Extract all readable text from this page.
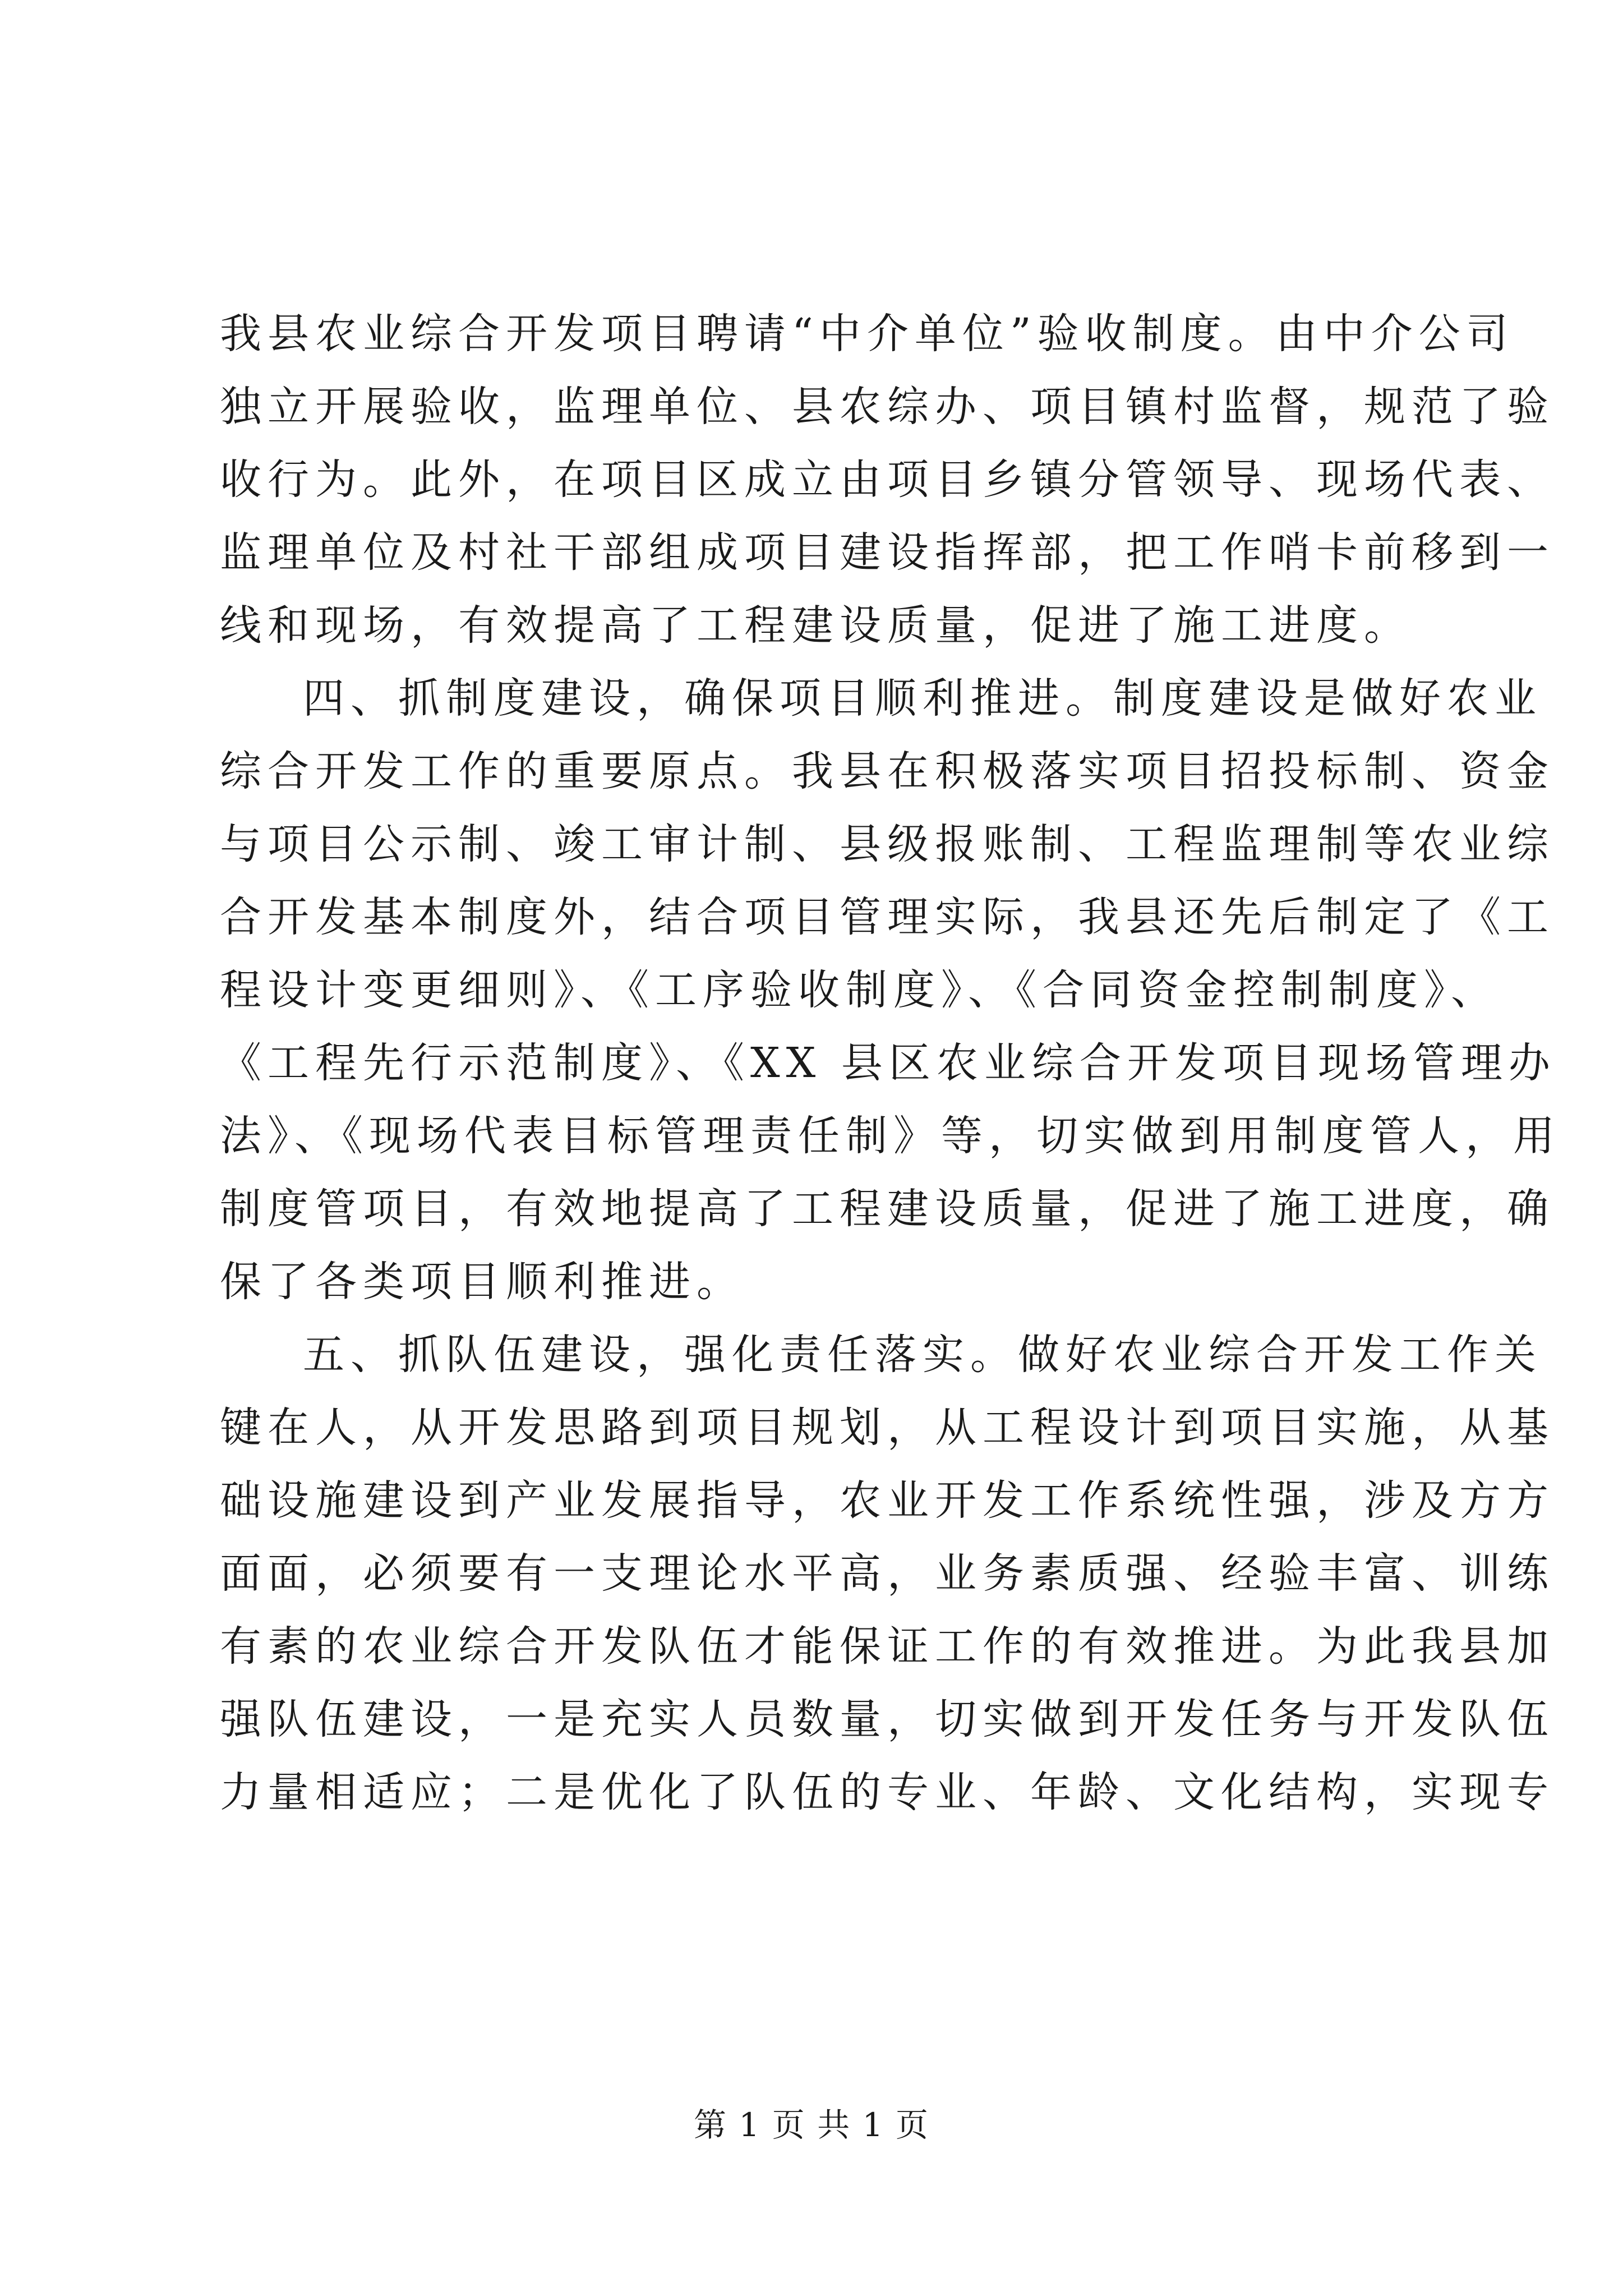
我县农业综合开发项目聘请“中介单位”验收制度。由中介公司
独立开展验收，监理单位、县农综办、项目镇村监督，规范了验
收行为。此外，在项目区成立由项目乡镇分管领导、现场代表、
监理单位及村社干部组成项目建设指挥部，把工作哨卡前移到一
线和现场，有效提高了工程建设质量，促进了施工进度。
四、抓制度建设，确保项目顺利推进。制度建设是做好农业
综合开发工作的重要原点。我县在积极落实项目招投标制、资金
与项目公示制、竣工审计制、县级报账制、工程监理制等农业综
合开发基本制度外，结合项目管理实际，我县还先后制定了《工
程设计变更细则》、《工序验收制度》、《合同资金控制制度》、
《工程先行示范制度》、《XX 县区农业综合开发项目现场管理办
法》、《现场代表目标管理责任制》等，切实做到用制度管人，用
制度管项目，有效地提高了工程建设质量，促进了施工进度，确
保了各类项目顺利推进。
五、抓队伍建设，强化责任落实。做好农业综合开发工作关
键在人，从开发思路到项目规划，从工程设计到项目实施，从基
础设施建设到产业发展指导，农业开发工作系统性强，涉及方方
面面，必须要有一支理论水平高，业务素质强、经验丰富、训练
有素的农业综合开发队伍才能保证工作的有效推进。为此我县加
强队伍建设，一是充实人员数量，切实做到开发任务与开发队伍
力量相适应；二是优化了队伍的专业、年龄、文化结构，实现专
第 1 页 共 1 页
